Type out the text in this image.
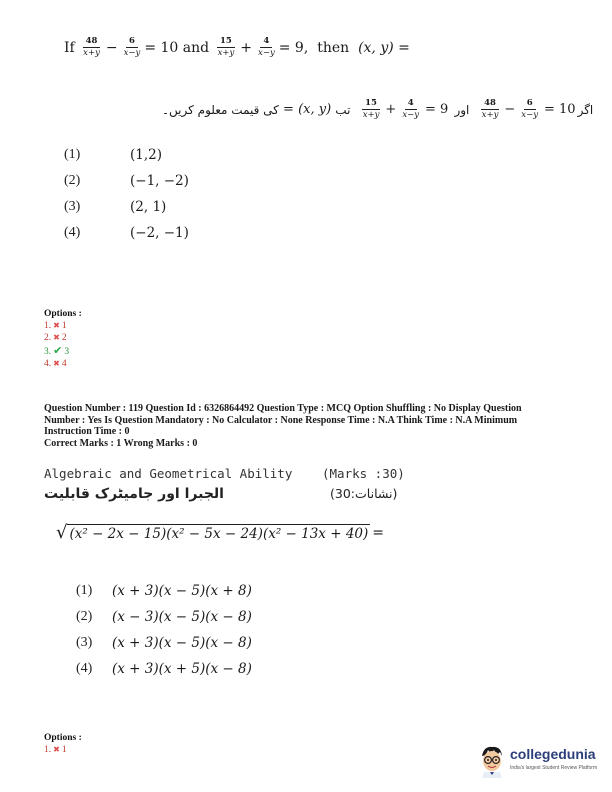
If
$\frac{48}{x+y} - \frac{6}{x-y} = 10$
and
$\frac{15}{x+y} + \frac{4}{x-y} = 9$,
then
(x, y) =
کی قیمت معلوم کریں۔
= (x, y)
تب
$\frac{15}{x+y} + \frac{4}{x-y} = 9$
اور
$\frac{48}{x+y} - \frac{6}{x-y} = 10$ اگر
(1)	(1,2)
(2)	(−1, −2)
(3)	(2, 1)
(4)	(−2, −1)
Options :
1. ✖ 1
2. ✖ 2
3. ✔ 3
4. ✖ 4

Question Number : 119 Question Id : 6326864492 Question Type : MCQ Option Shuffling : No Display Question

Number : Yes Is Question Mandatory : No Calculator : None Response Time : N.A Think Time : N.A Minimum

Instruction Time : 0

Correct Marks : 1 Wrong Marks : 0

Algebraic and Geometrical Ability (Marks :30)
الجبرا اور جامیٹرک قابلیت	(نشانات:30)
√ (x² − 2x − 15)(x² − 5x − 24)(x² − 13x + 40) =
(1)	(x + 3)(x − 5)(x + 8)
(2)	(x − 3)(x − 5)(x − 8)
(3)	(x + 3)(x − 5)(x − 8)
(4)	(x + 3)(x + 5)(x − 8)
Options :
1. ✖ 1	collegedunia
India's largest Student Review Platform
